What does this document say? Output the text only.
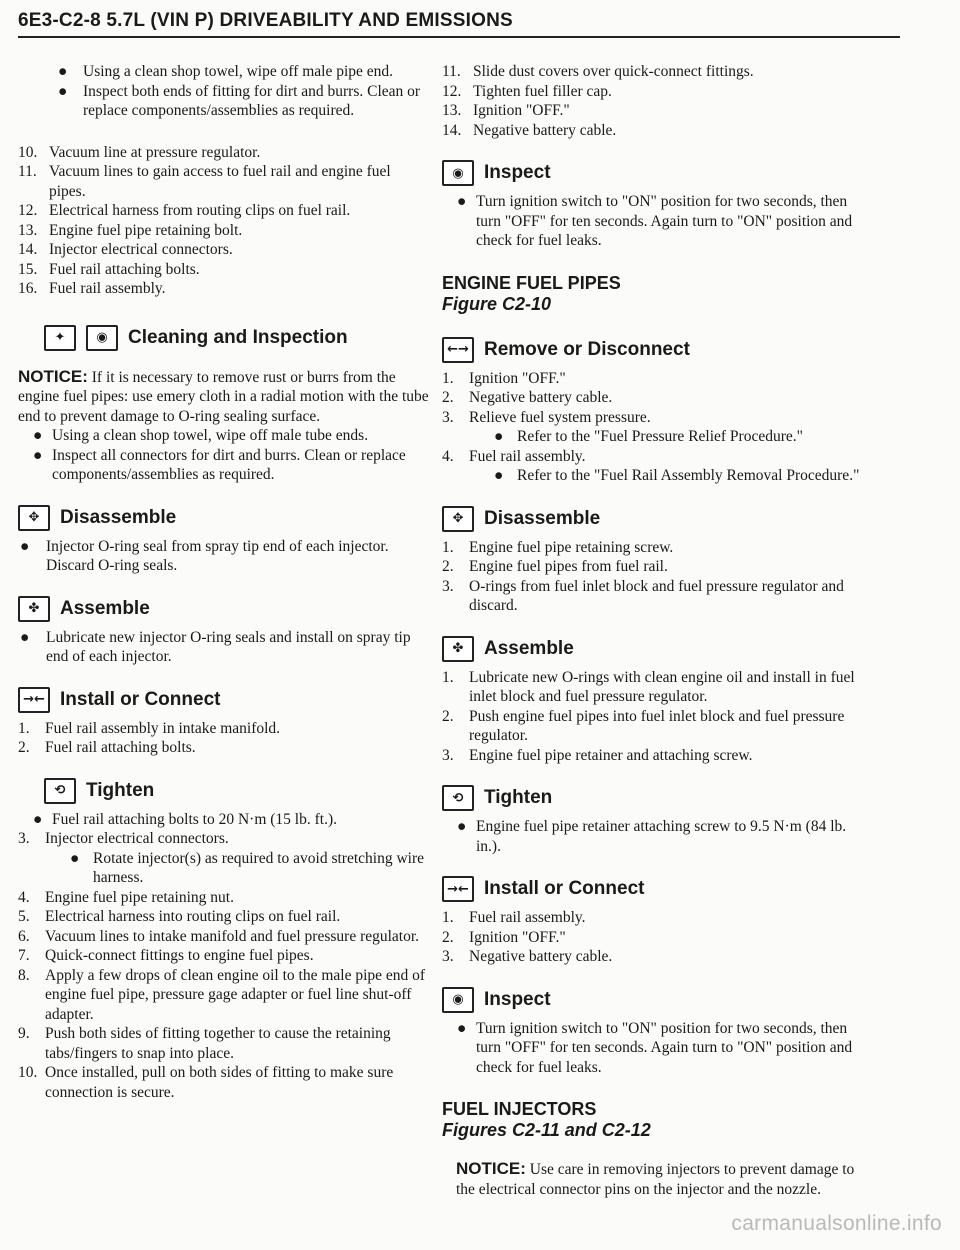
6E3-C2-8 5.7L (VIN P) DRIVEABILITY AND EMISSIONS

● Using a clean shop towel, wipe off male pipe end.

● Inspect both ends of fitting for dirt and burrs. Clean or replace components/assemblies as required.

10. Vacuum line at pressure regulator.

11. Vacuum lines to gain access to fuel rail and engine fuel pipes.

12. Electrical harness from routing clips on fuel rail.

13. Engine fuel pipe retaining bolt.

14. Injector electrical connectors.

15. Fuel rail attaching bolts.

16. Fuel rail assembly.

✦	◉	Cleaning and Inspection

NOTICE: If it is necessary to remove rust or burrs from the engine fuel pipes: use emery cloth in a radial motion with the tube end to prevent damage to O-ring sealing surface.

● Using a clean shop towel, wipe off male tube ends.

● Inspect all connectors for dirt and burrs. Clean or replace components/assemblies as required.

✥	Disassemble

● Injector O-ring seal from spray tip end of each injector. Discard O-ring seals.

✤	Assemble

● Lubricate new injector O-ring seals and install on spray tip end of each injector.

→← Install or Connect

1. Fuel rail assembly in intake manifold.

2. Fuel rail attaching bolts.

⟲	Tighten

● Fuel rail attaching bolts to 20 N·m (15 lb. ft.).

3. Injector electrical connectors.

● Rotate injector(s) as required to avoid stretching wire harness.

4. Engine fuel pipe retaining nut.

5. Electrical harness into routing clips on fuel rail.

6. Vacuum lines to intake manifold and fuel pressure regulator.

7. Quick-connect fittings to engine fuel pipes.

8. Apply a few drops of clean engine oil to the male pipe end of engine fuel pipe, pressure gage adapter or fuel line shut-off adapter.

9. Push both sides of fitting together to cause the retaining tabs/fingers to snap into place.

10. Once installed, pull on both sides of fitting to make sure connection is secure.

11. Slide dust covers over quick-connect fittings.

12. Tighten fuel filler cap.

13. Ignition "OFF."

14. Negative battery cable.

◉	Inspect

● Turn ignition switch to "ON" position for two seconds, then turn "OFF" for ten seconds. Again turn to "ON" position and check for fuel leaks.

ENGINE FUEL PIPES

Figure C2-10

←→ Remove or Disconnect

1. Ignition "OFF."

2. Negative battery cable.

3. Relieve fuel system pressure.

● Refer to the "Fuel Pressure Relief Procedure."

4. Fuel rail assembly.

● Refer to the "Fuel Rail Assembly Removal Procedure."

✥	Disassemble

1. Engine fuel pipe retaining screw.

2. Engine fuel pipes from fuel rail.

3. O-rings from fuel inlet block and fuel pressure regulator and discard.

✤	Assemble

1. Lubricate new O-rings with clean engine oil and install in fuel inlet block and fuel pressure regulator.

2. Push engine fuel pipes into fuel inlet block and fuel pressure regulator.

3. Engine fuel pipe retainer and attaching screw.

⟲	Tighten

● Engine fuel pipe retainer attaching screw to 9.5 N·m (84 lb. in.).

→← Install or Connect

1. Fuel rail assembly.

2. Ignition "OFF."

3. Negative battery cable.

◉	Inspect

● Turn ignition switch to "ON" position for two seconds, then turn "OFF" for ten seconds. Again turn to "ON" position and check for fuel leaks.

FUEL INJECTORS

Figures C2-11 and C2-12

NOTICE: Use care in removing injectors to prevent damage to the electrical connector pins on the injector and the nozzle.

carmanualsonline.info
